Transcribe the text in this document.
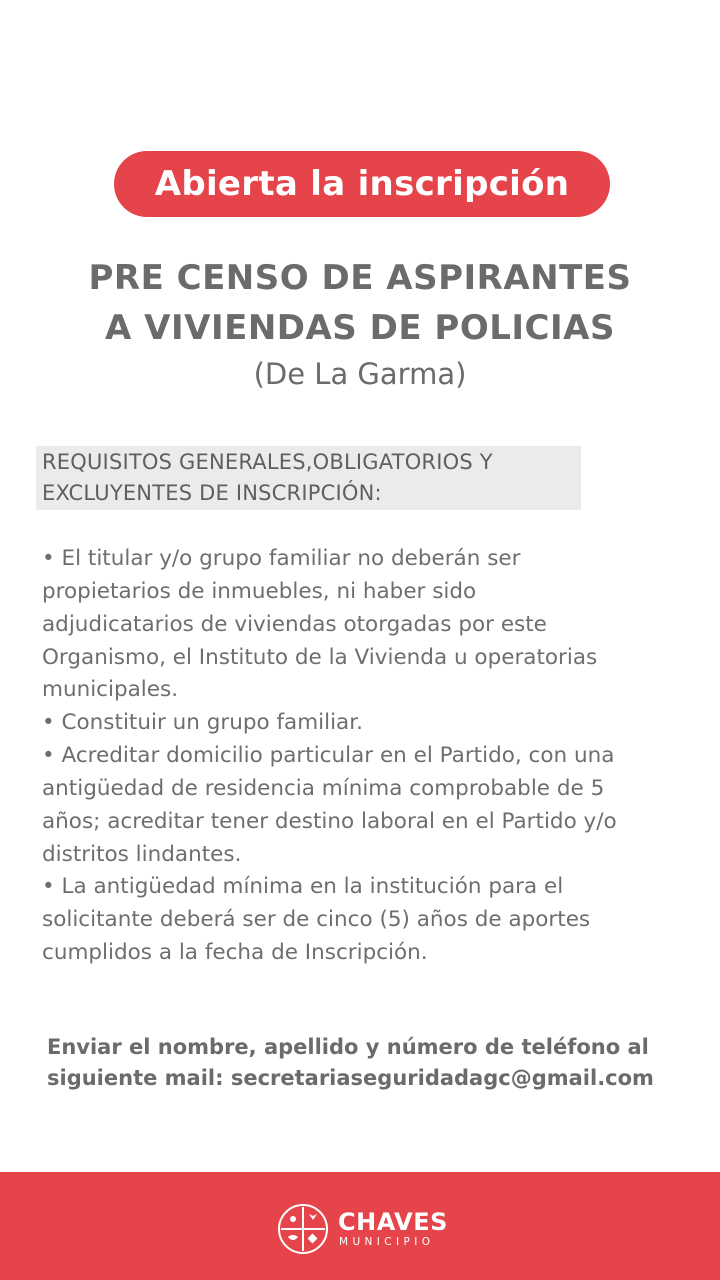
Abierta la inscripción
PRE CENSO DE ASPIRANTES
A VIVIENDAS DE POLICIAS
(De La Garma)
REQUISITOS GENERALES,OBLIGATORIOS Y
EXCLUYENTES DE INSCRIPCIÓN:
• El titular y/o grupo familiar no deberán ser
propietarios de inmuebles, ni haber sido
adjudicatarios de viviendas otorgadas por este
Organismo, el Instituto de la Vivienda u operatorias
municipales.
• Constituir un grupo familiar.
• Acreditar domicilio particular en el Partido, con una
antigüedad de residencia mínima comprobable de 5
años; acreditar tener destino laboral en el Partido y/o
distritos lindantes.
• La antigüedad mínima en la institución para el
solicitante deberá ser de cinco (5) años de aportes
cumplidos a la fecha de Inscripción.
Enviar el nombre, apellido y número de teléfono al
siguiente mail: secretariaseguridadagc@gmail.com
CHAVES
MUNICIPIO
